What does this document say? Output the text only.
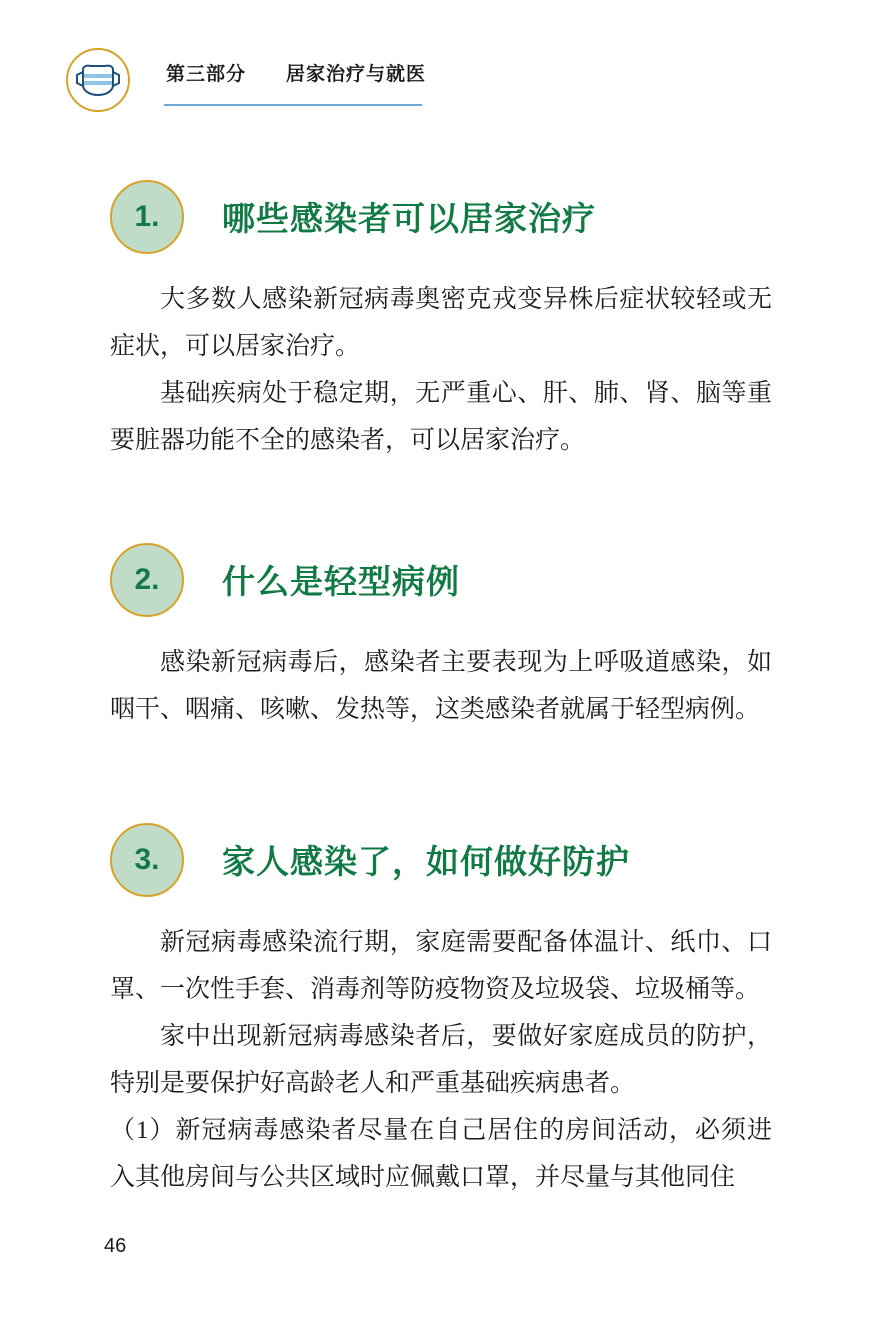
第三部分　　 居家治疗与就医
1.	哪些感染者可以居家治疗

大多数人感染新冠病毒奥密克戎变异株后症状较轻或无症状，可以居家治疗。

基础疾病处于稳定期，无严重心、肝、肺、肾、脑等重要脏器功能不全的感染者，可以居家治疗。

2.	什么是轻型病例

感染新冠病毒后，感染者主要表现为上呼吸道感染，如咽干、咽痛、咳嗽、发热等，这类感染者就属于轻型病例。

3.	家人感染了，如何做好防护

新冠病毒感染流行期，家庭需要配备体温计、纸巾、口罩、一次性手套、消毒剂等防疫物资及垃圾袋、垃圾桶等。

家中出现新冠病毒感染者后，要做好家庭成员的防护，特别是要保护好高龄老人和严重基础疾病患者。

（1）新冠病毒感染者尽量在自己居住的房间活动，必须进入其他房间与公共区域时应佩戴口罩，并尽量与其他同住

46
